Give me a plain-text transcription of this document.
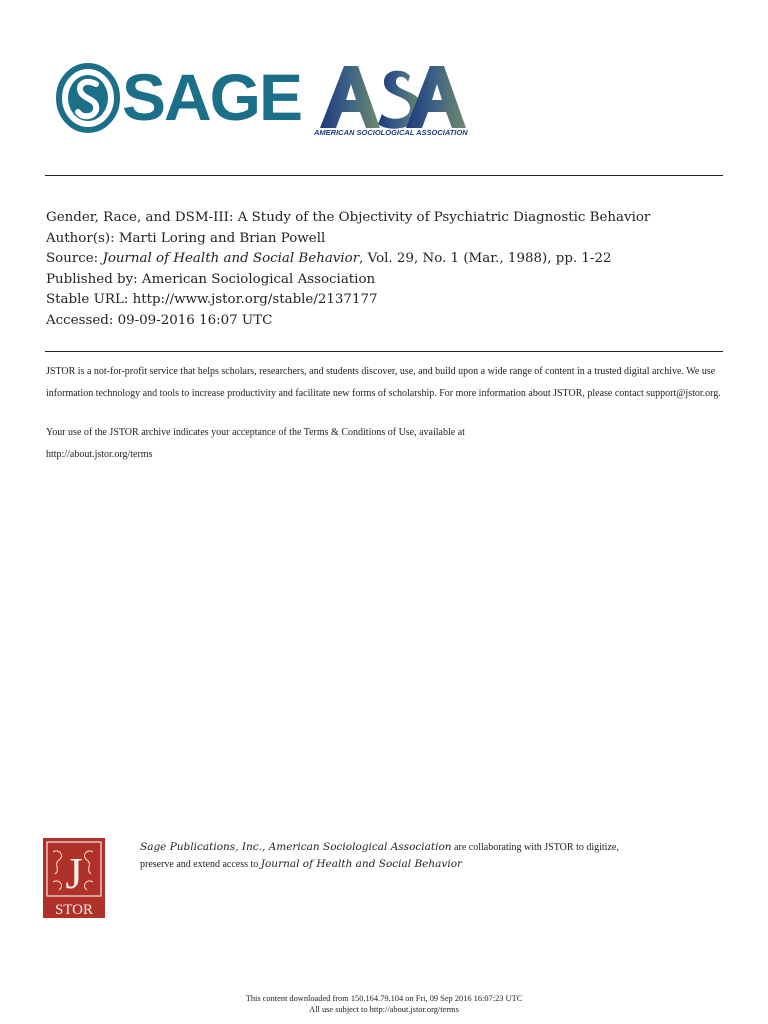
SAGE AMERICAN SOCIOLOGICAL ASSOCIATION
Gender, Race, and DSM-III: A Study of the Objectivity of Psychiatric Diagnostic Behavior
Author(s): Marti Loring and Brian Powell
Source: Journal of Health and Social Behavior, Vol. 29, No. 1 (Mar., 1988), pp. 1-22
Published by: American Sociological Association
Stable URL: http://www.jstor.org/stable/2137177
Accessed: 09-09-2016 16:07 UTC

JSTOR is a not-for-profit service that helps scholars, researchers, and students discover, use, and build upon a wide range of content in a trusted digital archive. We use information technology and tools to increase productivity and facilitate new forms of scholarship. For more information about JSTOR, please contact support@jstor.org.

Your use of the JSTOR archive indicates your acceptance of the Terms & Conditions of Use, available at

http://about.jstor.org/terms

J
STOR
Sage Publications, Inc., American Sociological Association are collaborating with JSTOR to digitize,
preserve and extend access to Journal of Health and Social Behavior
This content downloaded from 150.164.79.104 on Fri, 09 Sep 2016 16:07:23 UTC
All use subject to http://about.jstor.org/terms
